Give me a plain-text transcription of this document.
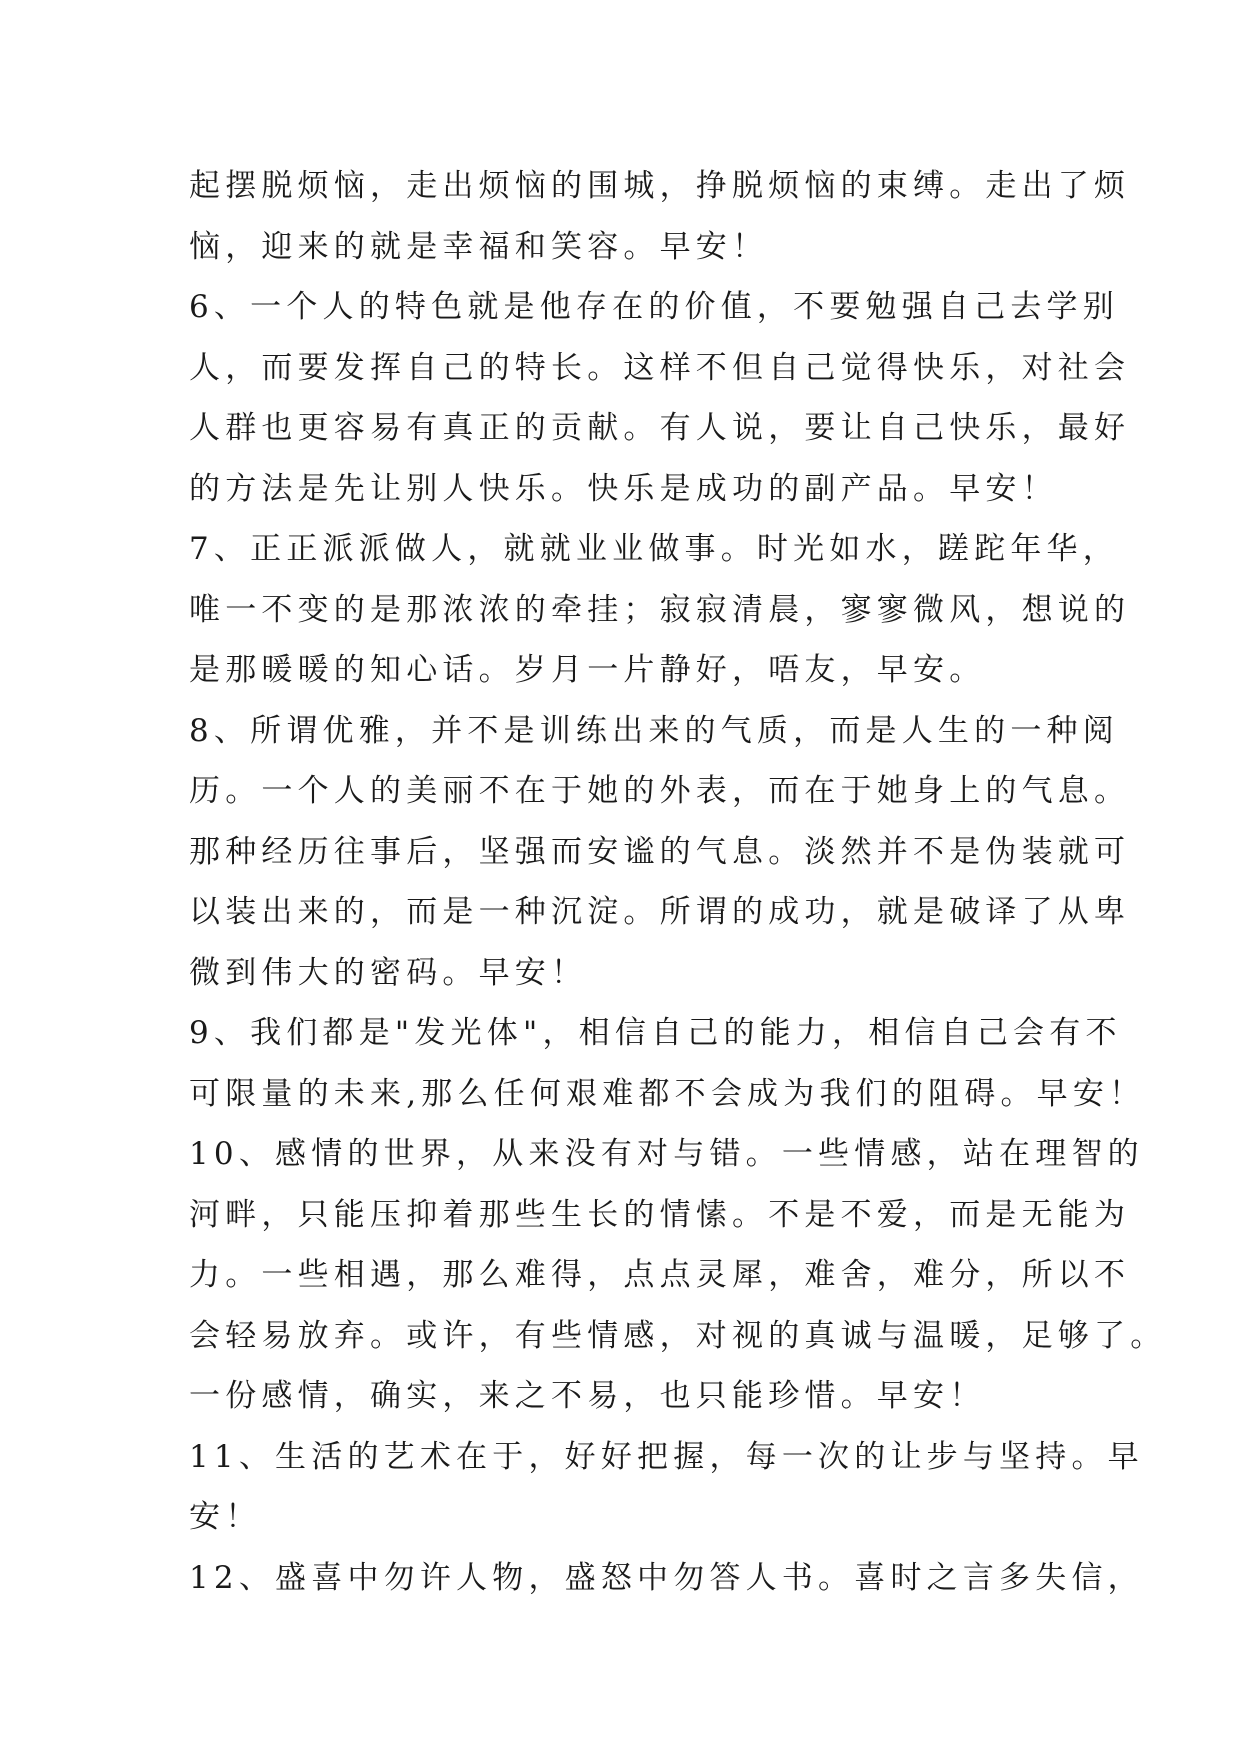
起摆脱烦恼，走出烦恼的围城，挣脱烦恼的束缚。走出了烦
恼，迎来的就是幸福和笑容。早安！
6、一个人的特色就是他存在的价值，不要勉强自己去学别
人，而要发挥自己的特长。这样不但自己觉得快乐，对社会
人群也更容易有真正的贡献。有人说，要让自己快乐，最好
的方法是先让别人快乐。快乐是成功的副产品。早安！
7、正正派派做人，就就业业做事。时光如水，蹉跎年华，
唯一不变的是那浓浓的牵挂；寂寂清晨，寥寥微风，想说的
是那暖暖的知心话。岁月一片静好，唔友，早安。
8、所谓优雅，并不是训练出来的气质，而是人生的一种阅
历。一个人的美丽不在于她的外表，而在于她身上的气息。
那种经历往事后，坚强而安谧的气息。淡然并不是伪装就可
以装出来的，而是一种沉淀。所谓的成功，就是破译了从卑
微到伟大的密码。早安！
9、我们都是"发光体"，相信自己的能力，相信自己会有不
可限量的未来,那么任何艰难都不会成为我们的阻碍。早安！
10、感情的世界，从来没有对与错。一些情感，站在理智的
河畔，只能压抑着那些生长的情愫。不是不爱，而是无能为
力。一些相遇，那么难得，点点灵犀，难舍，难分，所以不
会轻易放弃。或许，有些情感，对视的真诚与温暖，足够了。
一份感情，确实，来之不易，也只能珍惜。早安！
11、生活的艺术在于，好好把握，每一次的让步与坚持。早
安！
12、盛喜中勿许人物，盛怒中勿答人书。喜时之言多失信，
